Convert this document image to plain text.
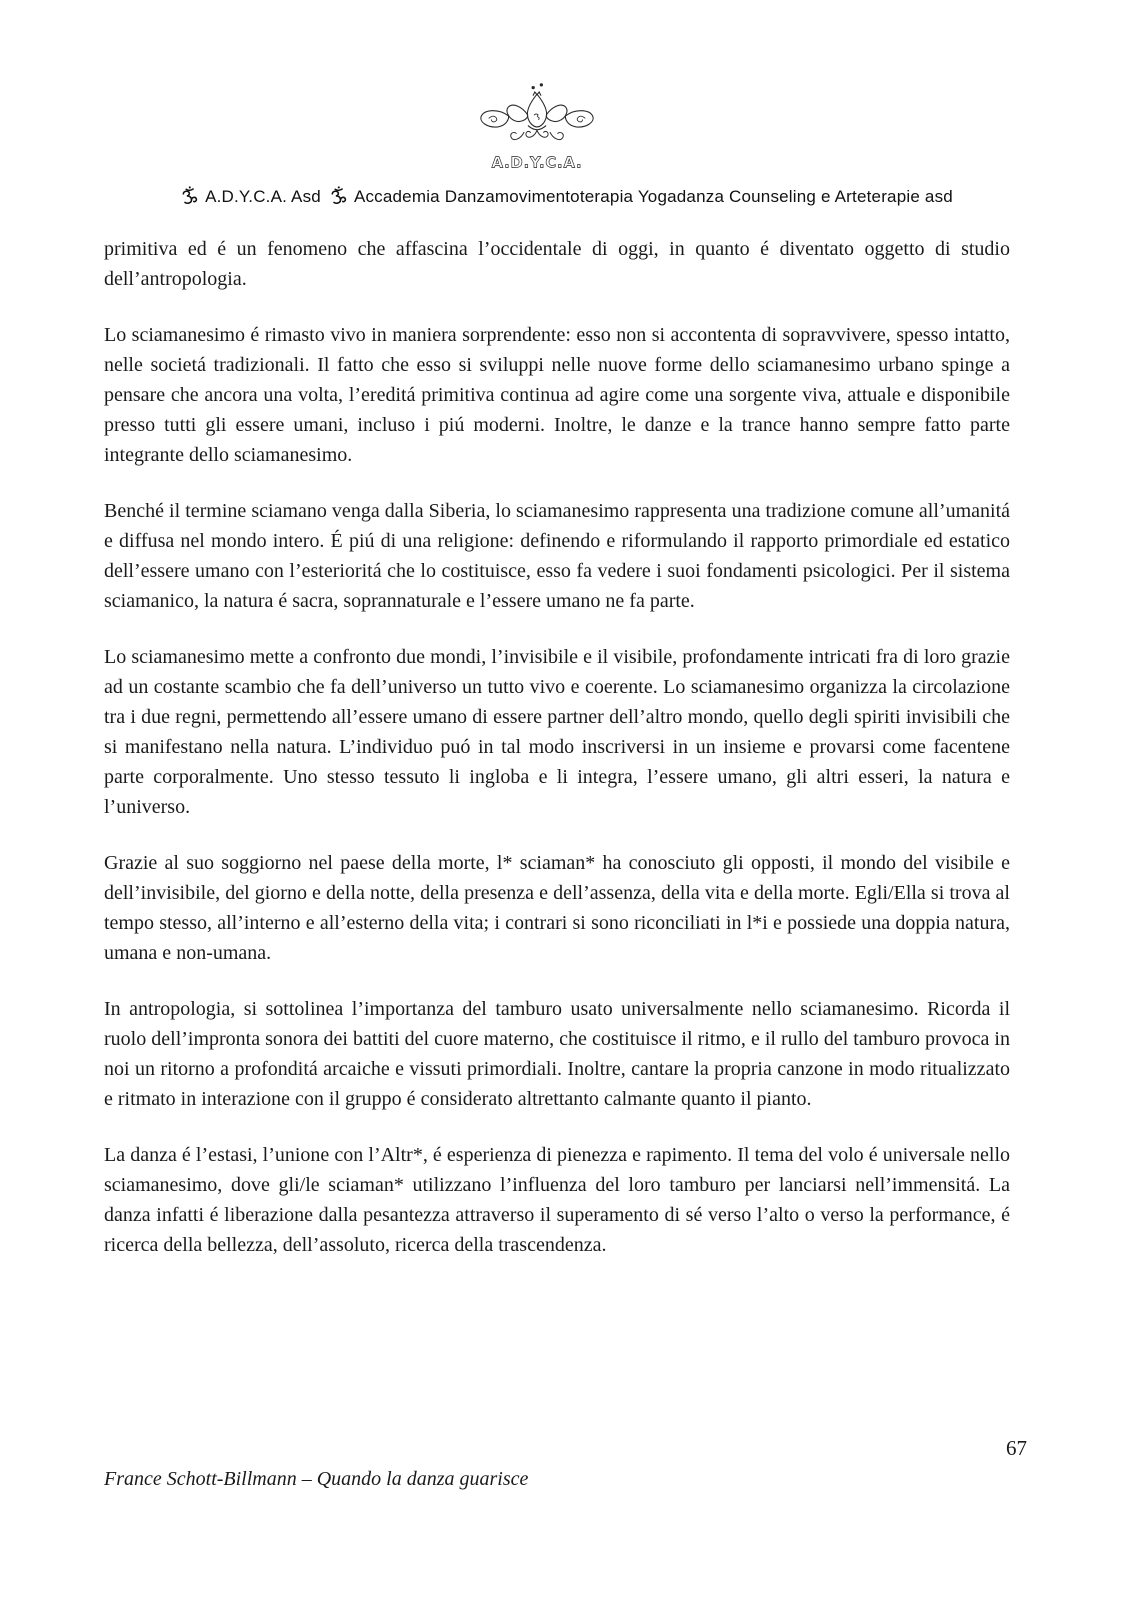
A.D.Y.C.A.
A.D.Y.C.A. Asd Accademia Danzamovimentoterapia Yogadanza Counseling e Arteterapie asd

primitiva ed é un fenomeno che affascina l’occidentale di oggi, in quanto é diventato oggetto di studio dell’antropologia.

Lo sciamanesimo é rimasto vivo in maniera sorprendente: esso non si accontenta di sopravvivere, spesso intatto, nelle societá tradizionali. Il fatto che esso si sviluppi nelle nuove forme dello sciamanesimo urbano spinge a pensare che ancora una volta, l’ereditá primitiva continua ad agire come una sorgente viva, attuale e disponibile presso tutti gli essere umani, incluso i piú moderni. Inoltre, le danze e la trance hanno sempre fatto parte integrante dello sciamanesimo.

Benché il termine sciamano venga dalla Siberia, lo sciamanesimo rappresenta una tradizione comune all’umanitá e diffusa nel mondo intero. É piú di una religione: definendo e riformulando il rapporto primordiale ed estatico dell’essere umano con l’esterioritá che lo costituisce, esso fa vedere i suoi fondamenti psicologici. Per il sistema sciamanico, la natura é sacra, soprannaturale e l’essere umano ne fa parte.

Lo sciamanesimo mette a confronto due mondi, l’invisibile e il visibile, profondamente intricati fra di loro grazie ad un costante scambio che fa dell’universo un tutto vivo e coerente. Lo sciamanesimo organizza la circolazione tra i due regni, permettendo all’essere umano di essere partner dell’altro mondo, quello degli spiriti invisibili che si manifestano nella natura. L’individuo puó in tal modo inscriversi in un insieme e provarsi come facentene parte corporalmente. Uno stesso tessuto li ingloba e li integra, l’essere umano, gli altri esseri, la natura e l’universo.

Grazie al suo soggiorno nel paese della morte, l* sciaman* ha conosciuto gli opposti, il mondo del visibile e dell’invisibile, del giorno e della notte, della presenza e dell’assenza, della vita e della morte. Egli/Ella si trova al tempo stesso, all’interno e all’esterno della vita; i contrari si sono riconciliati in l*i e possiede una doppia natura, umana e non-umana.

In antropologia, si sottolinea l’importanza del tamburo usato universalmente nello sciamanesimo. Ricorda il ruolo dell’impronta sonora dei battiti del cuore materno, che costituisce il ritmo, e il rullo del tamburo provoca in noi un ritorno a profonditá arcaiche e vissuti primordiali. Inoltre, cantare la propria canzone in modo ritualizzato e ritmato in interazione con il gruppo é considerato altrettanto calmante quanto il pianto.

La danza é l’estasi, l’unione con l’Altr*, é esperienza di pienezza e rapimento. Il tema del volo é universale nello sciamanesimo, dove gli/le sciaman* utilizzano l’influenza del loro tamburo per lanciarsi nell’immensitá. La danza infatti é liberazione dalla pesantezza attraverso il superamento di sé verso l’alto o verso la performance, é ricerca della bellezza, dell’assoluto, ricerca della trascendenza.

67
France Schott-Billmann – Quando la danza guarisce
